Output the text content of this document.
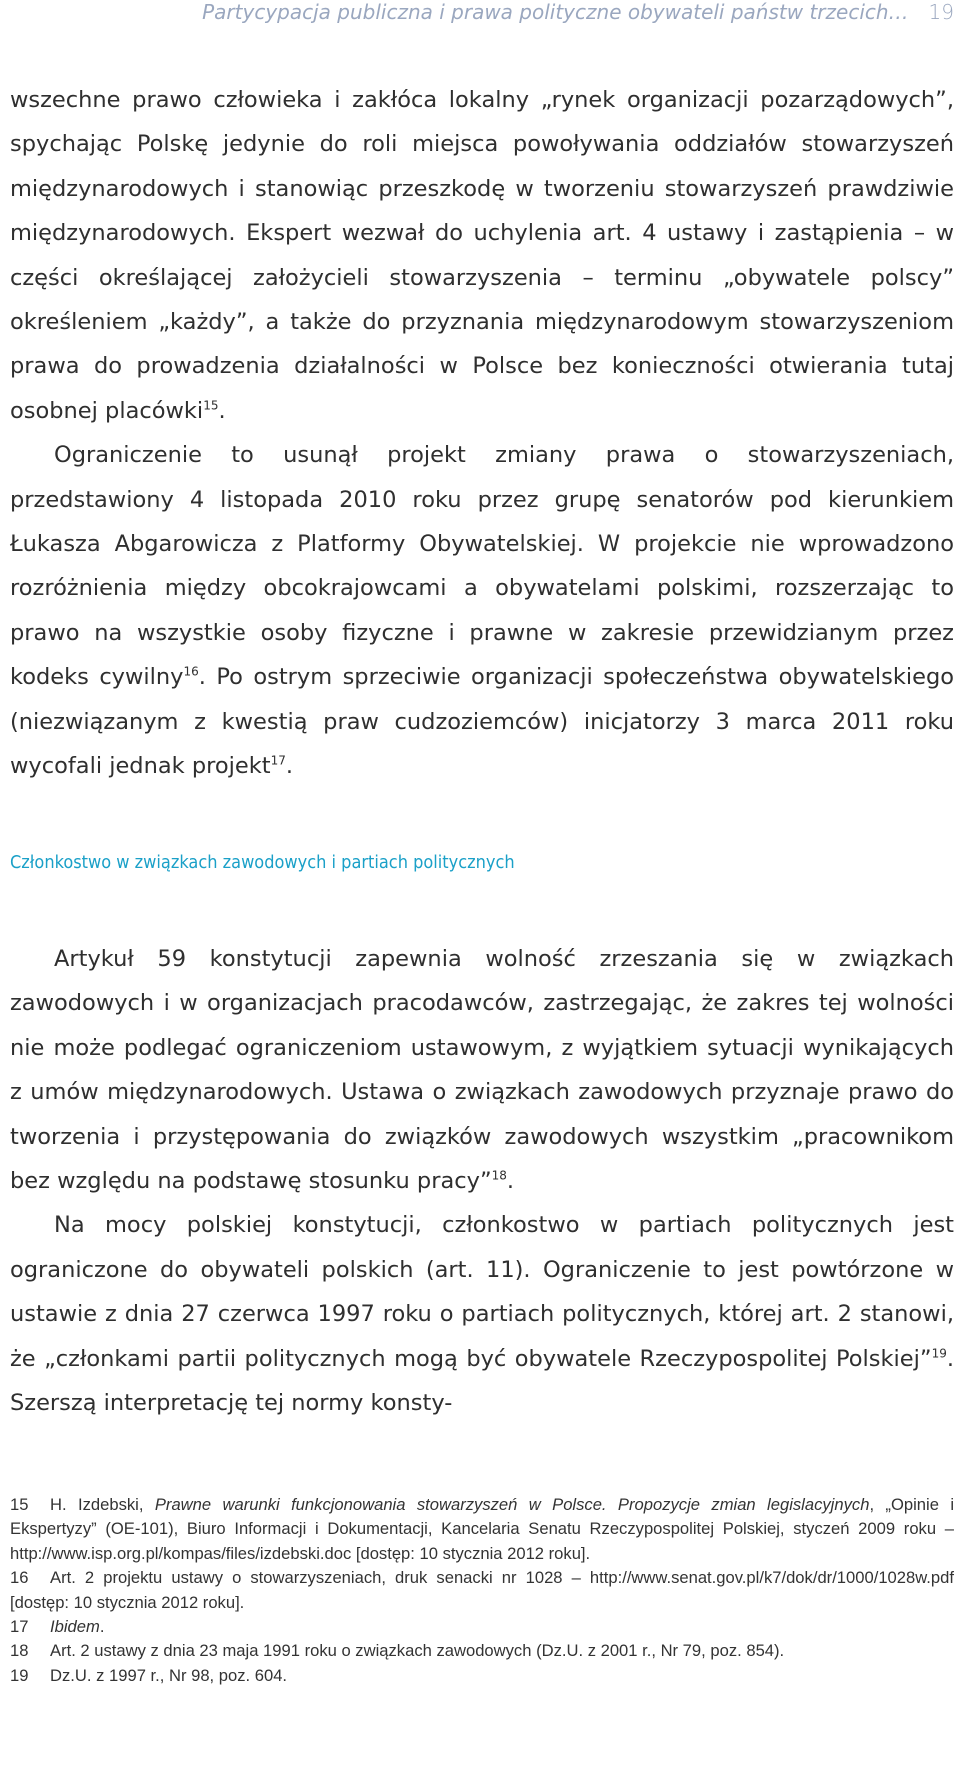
Partycypacja publiczna i prawa polityczne obywateli państw trzecich… 19

wszechne prawo człowieka i zakłóca lokalny „rynek organizacji pozarządowych”, spychając Polskę jedynie do roli miejsca powoływania oddziałów stowarzyszeń międzynarodowych i stanowiąc przeszkodę w tworzeniu stowarzyszeń prawdziwie międzynarodowych. Ekspert wezwał do uchylenia art. 4 ustawy i zastąpienia – w części określającej założycieli stowarzyszenia – terminu „obywatele polscy” określeniem „każdy”, a także do przyznania międzynarodowym stowarzyszeniom prawa do prowadzenia działalności w Polsce bez konieczności otwierania tutaj osobnej placówki$^{15}$.

Ograniczenie to usunął projekt zmiany prawa o stowarzyszeniach, przedstawiony 4 listopada 2010 roku przez grupę senatorów pod kierunkiem Łukasza Abgarowicza z Platformy Obywatelskiej. W projekcie nie wprowadzono rozróżnienia między obcokrajowcami a obywatelami polskimi, rozszerzając to prawo na wszystkie osoby fizyczne i prawne w zakresie przewidzianym przez kodeks cywilny$^{16}$. Po ostrym sprzeciwie organizacji społeczeństwa obywatelskiego (niezwiązanym z kwestią praw cudzoziemców) inicjatorzy 3 marca 2011 roku wycofali jednak projekt$^{17}$.

Członkostwo w związkach zawodowych i partiach politycznych

Artykuł 59 konstytucji zapewnia wolność zrzeszania się w związkach zawodowych i w organizacjach pracodawców, zastrzegając, że zakres tej wolności nie może podlegać ograniczeniom ustawowym, z wyjątkiem sytuacji wynikających z umów międzynarodowych. Ustawa o związkach zawodowych przyznaje prawo do tworzenia i przystępowania do związków zawodowych wszystkim „pracownikom bez względu na podstawę stosunku pracy”$^{18}$.

Na mocy polskiej konstytucji, członkostwo w partiach politycznych jest ograniczone do obywateli polskich (art. 11). Ograniczenie to jest powtórzone w ustawie z dnia 27 czerwca 1997 roku o partiach politycznych, której art. 2 stanowi, że „członkami partii politycznych mogą być obywatele Rzeczypospolitej Polskiej”$^{19}$. Szerszą interpretację tej normy konsty-

15 H. Izdebski, Prawne warunki funkcjonowania stowarzyszeń w Polsce. Propozycje zmian legislacyjnych, „Opinie i Ekspertyzy” (OE-101), Biuro Informacji i Dokumentacji, Kancelaria Senatu Rzeczypospolitej Polskiej, styczeń 2009 roku – http://www.isp.org.pl/kompas/files/izdebski.doc [dostęp: 10 stycznia 2012 roku].

16 Art. 2 projektu ustawy o stowarzyszeniach, druk senacki nr 1028 – http://www.senat.gov.pl/k7/dok/dr/1000/1028w.pdf [dostęp: 10 stycznia 2012 roku].

17 Ibidem.

18 Art. 2 ustawy z dnia 23 maja 1991 roku o związkach zawodowych (Dz.U. z 2001 r., Nr 79, poz. 854).

19 Dz.U. z 1997 r., Nr 98, poz. 604.
